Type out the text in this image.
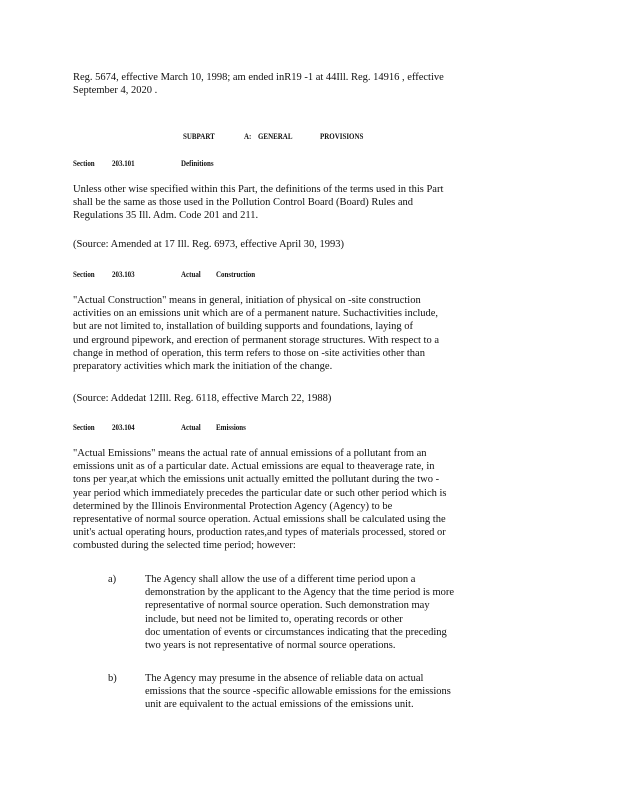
Reg. 5674, effective March 10, 1998; am ended inR19 -1 at 44Ill. Reg. 14916 , effective
September 4, 2020 .

SUBPART	A: GENERAL	PROVISIONS
Section 203.101	Definitions

Unless other wise specified within this Part, the definitions of the terms used in this Part
shall be the same as those used in the Pollution Control Board (Board) Rules and
Regulations 35 Ill. Adm. Code 201 and 211.

(Source: Amended at 17 Ill. Reg. 6973, effective April 30, 1993)

Section 203.103	Actual Construction

"Actual Construction" means in general, initiation of physical on -site construction
activities on an emissions unit which are of a permanent nature. Suchactivities include,
but are not limited to, installation of building supports and foundations, laying of
und erground pipework, and erection of permanent storage structures. With respect to a
change in method of operation, this term refers to those on -site activities other than
preparatory activities which mark the initiation of the change.

(Source: Addedat 12Ill. Reg. 6118, effective March 22, 1988)

Section 203.104	Actual Emissions

"Actual Emissions" means the actual rate of annual emissions of a pollutant from an
emissions unit as of a particular date. Actual emissions are equal to theaverage rate, in
tons per year,at which the emissions unit actually emitted the pollutant during the two -
year period which immediately precedes the particular date or such other period which is
determined by the Illinois Environmental Protection Agency (Agency) to be
representative of normal source operation. Actual emissions shall be calculated using the
unit's actual operating hours, production rates,and types of materials processed, stored or
combusted during the selected time period; however:

a)	The Agency shall allow the use of a different time period upon a
demonstration by the applicant to the Agency that the time period is more
representative of normal source operation. Such demonstration may
include, but need not be limited to, operating records or other
doc umentation of events or circumstances indicating that the preceding
two years is not representative of normal source operations.

b)	The Agency may presume in the absence of reliable data on actual
emissions that the source -specific allowable emissions for the emissions
unit are equivalent to the actual emissions of the emissions unit.
